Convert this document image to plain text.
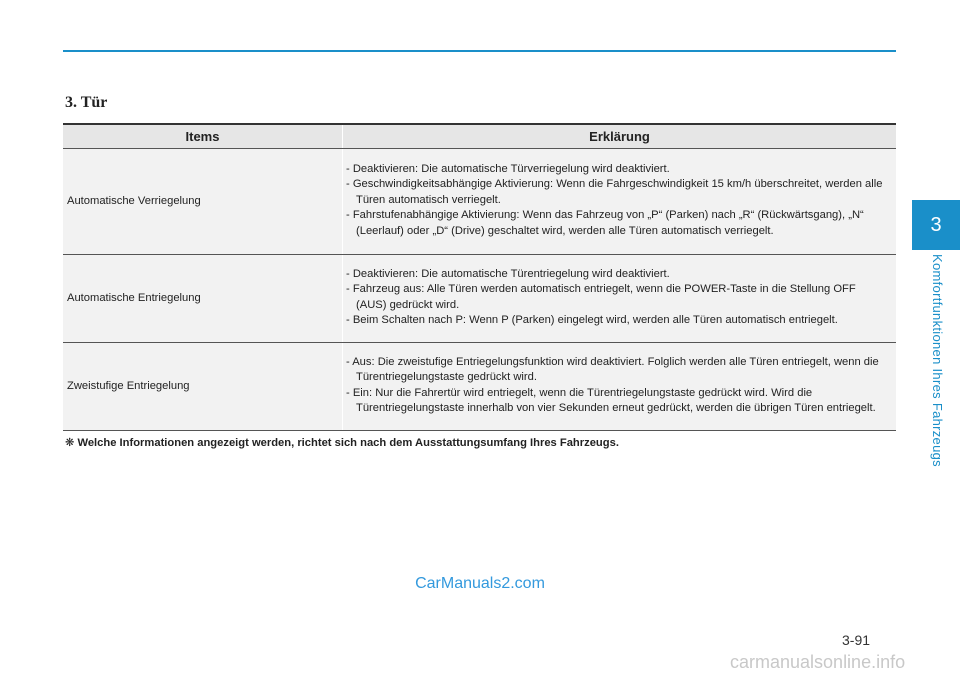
3. Tür
Items	Erklärung
Automatische Verriegelung	- Deaktivieren: Die automatische Türverriegelung wird deaktiviert.
- Geschwindigkeitsabhängige Aktivierung: Wenn die Fahrgeschwindigkeit 15 km/h überschreitet, werden alle Türen automatisch verriegelt.
- Fahrstufenabhängige Aktivierung: Wenn das Fahrzeug von „P“ (Parken) nach „R“ (Rückwärtsgang), „N“ (Leerlauf) oder „D“ (Drive) geschaltet wird, werden alle Türen automatisch verriegelt.

Automatische Entriegelung	- Deaktivieren: Die automatische Türentriegelung wird deaktiviert.
- Fahrzeug aus: Alle Türen werden automatisch entriegelt, wenn die POWER-Taste in die Stellung OFF (AUS) gedrückt wird.
- Beim Schalten nach P: Wenn P (Parken) eingelegt wird, werden alle Türen automatisch entriegelt.

Zweistufige Entriegelung	- Aus: Die zweistufige Entriegelungsfunktion wird deaktiviert. Folglich werden alle Türen entriegelt, wenn die Türentriegelungstaste gedrückt wird.
- Ein: Nur die Fahrertür wird entriegelt, wenn die Türentriegelungstaste gedrückt wird. Wird die Türentriegelungstaste innerhalb von vier Sekunden erneut gedrückt, werden die übrigen Türen entriegelt.

❋ Welche Informationen angezeigt werden, richtet sich nach dem Ausstattungsumfang Ihres Fahrzeugs.

3
Komfortfunktionen Ihres Fahrzeugs
CarManuals2.com
3-91
carmanualsonline.info
